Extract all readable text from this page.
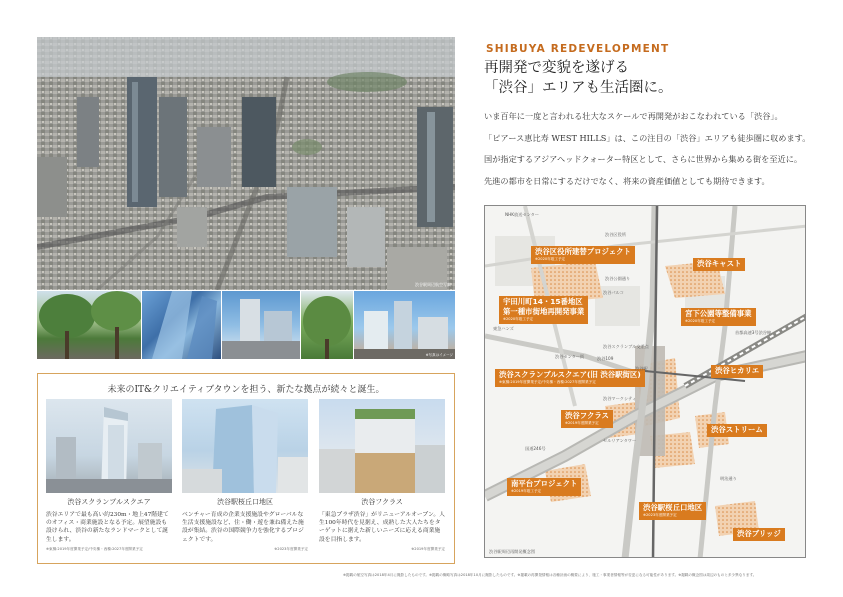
渋谷駅周辺航空写真
※写真はイメージ
SHIBUYA REDEVELOPMENT
再開発で変貌を遂げる
「渋谷」エリアも生活圏に。

いま百年に一度と言われる壮大なスケールで再開発がおこなわれている「渋谷」。

「ピアース恵比寿 WEST HILLS」は、この注目の「渋谷」エリアも徒歩圏に収めます。

国が指定するアジアヘッドクォーター特区として、さらに世界から集める街を至近に。

先進の都市を日常にするだけでなく、将来の資産価値としても期待できます。

渋谷区役所建替プロジェクト
※2020年竣工予定	渋谷キャスト
宇田川町14・15番地区
第一種市街地再開発事業
※2020年竣工予定
宮下公園等整備事業
※2020年竣工予定
渋谷スクランブルスクエア(旧 渋谷駅街区)
※東棟:2019年度開業予定/中央棟・西棟:2027年度開業予定
渋谷ヒカリエ
渋谷フクラス
※2019年度開業予定
渋谷ストリーム
南平台プロジェクト
※2019年竣工予定
渋谷駅桜丘口地区
※2023年度開業予定
渋谷ブリッジ
NHK放送センター
渋谷公園通り
渋谷パルコ
渋谷センター街
東急ハンズ
渋谷109
渋谷駅
渋谷マークシティ
セルリアンタワー
国道246号
明治通り
渋谷区役所
渋谷スクランブル交差点
首都高速3号渋谷線
渋谷駅周辺再開発概念図
未来のIT&クリエイティブタウンを担う、新たな拠点が続々と誕生。
渋谷スクランブルスクエア
渋谷エリアで最も高い約230m・地上47階建てのオフィス・商業施設となる予定。展望施設も設けられ、渋谷の新たなランドマークとして誕生します。
※東棟:2019年度開業予定/中央棟・西棟:2027年度開業予定
渋谷駅桜丘口地区
ベンチャー育成の企業支援施設やグローバルな生活支援施設など、住・働・遊を兼ね備えた施設が集結。渋谷の国際競争力を強化するプロジェクトです。
※2023年度開業予定
渋谷フクラス
「東急プラザ渋谷」がリニューアルオープン。人生100年時代を見据え、成熟した大人たちをターゲットに据えた新しいニーズに応える商業施設を目指します。
※2019年度開業予定
※掲載の航空写真は2018年4月に撮影したものです。※掲載の概略写真は2018年10月に撮影したものです。※掲載の再開発情報は各種計画の概要により、施工・事業者情報等が変更になる可能性があります。※掲載の概念図は周辺のものと多少異なります。
